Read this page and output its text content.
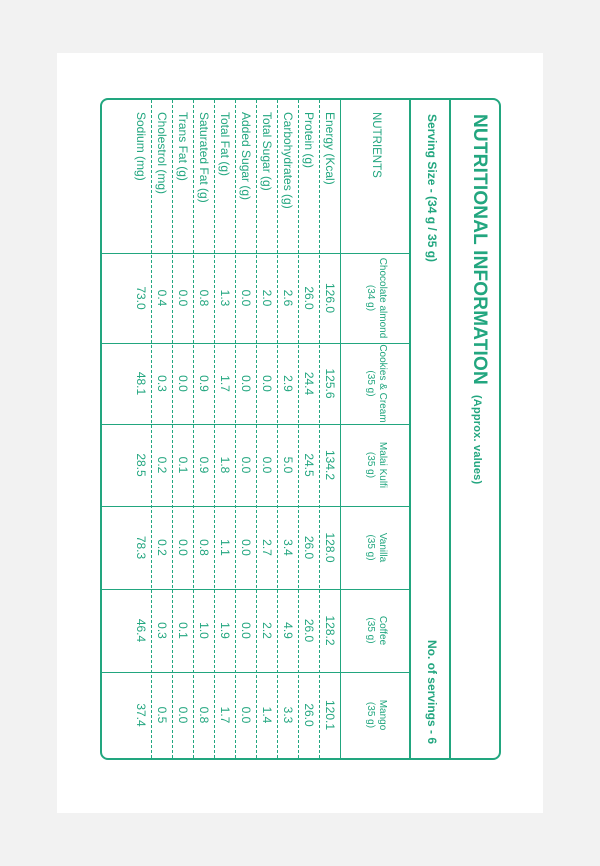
NUTRITIONAL INFORMATION(Approx. values)
Serving Size - (34 g / 35 g)
No. of servings - 6
NUTRIENTS
Chocolate almond
(34 g)
Cookies & Cream
(35 g)
Malai Kulfi
(35 g)
Vanilla
(35 g)
Coffee
(35 g)
Mango
(35 g)
Energy (Kcal)
126.0
125.6
134.2
128.0
128.2
120.1
Protein (g)
26.0
24.4
24.5
26.0
26.0
26.0
Carbohydrates (g)
2.6
2.9
5.0
3.4
4.9
3.3
Total Sugar (g)
2.0
0.0
0.0
2.7
2.2
1.4
Added Sugar (g)
0.0
0.0
0.0
0.0
0.0
0.0
Total Fat (g)
1.3
1.7
1.8
1.1
1.9
1.7
Saturated Fat (g)
0.8
0.9
0.9
0.8
1.0
0.8
Trans Fat (g)
0.0
0.0
0.1
0.0
0.1
0.0
Cholestrol (mg)
0.4
0.3
0.2
0.2
0.3
0.5
Sodium (mg)
73.0
48.1
28.5
78.3
46.4
37.4
